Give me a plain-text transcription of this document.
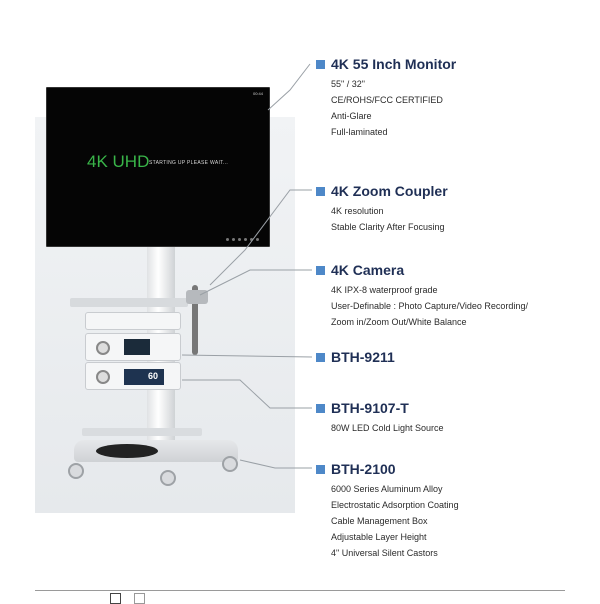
00:44
4K UHD STARTING UP PLEASE WAIT...
60
4K 55 Inch Monitor
55" / 32"
CE/ROHS/FCC CERTIFIED
Anti-Glare
Full-laminated
4K Zoom Coupler
4K resolution
Stable Clarity After Focusing
4K Camera
4K IPX-8 waterproof grade
User-Definable : Photo Capture/Video Recording/
Zoom in/Zoom Out/White Balance
BTH-9211
BTH-9107-T
80W LED Cold Light Source
BTH-2100
6000 Series Aluminum Alloy
Electrostatic Adsorption Coating
Cable Management Box
Adjustable Layer Height
4" Universal Silent Castors
